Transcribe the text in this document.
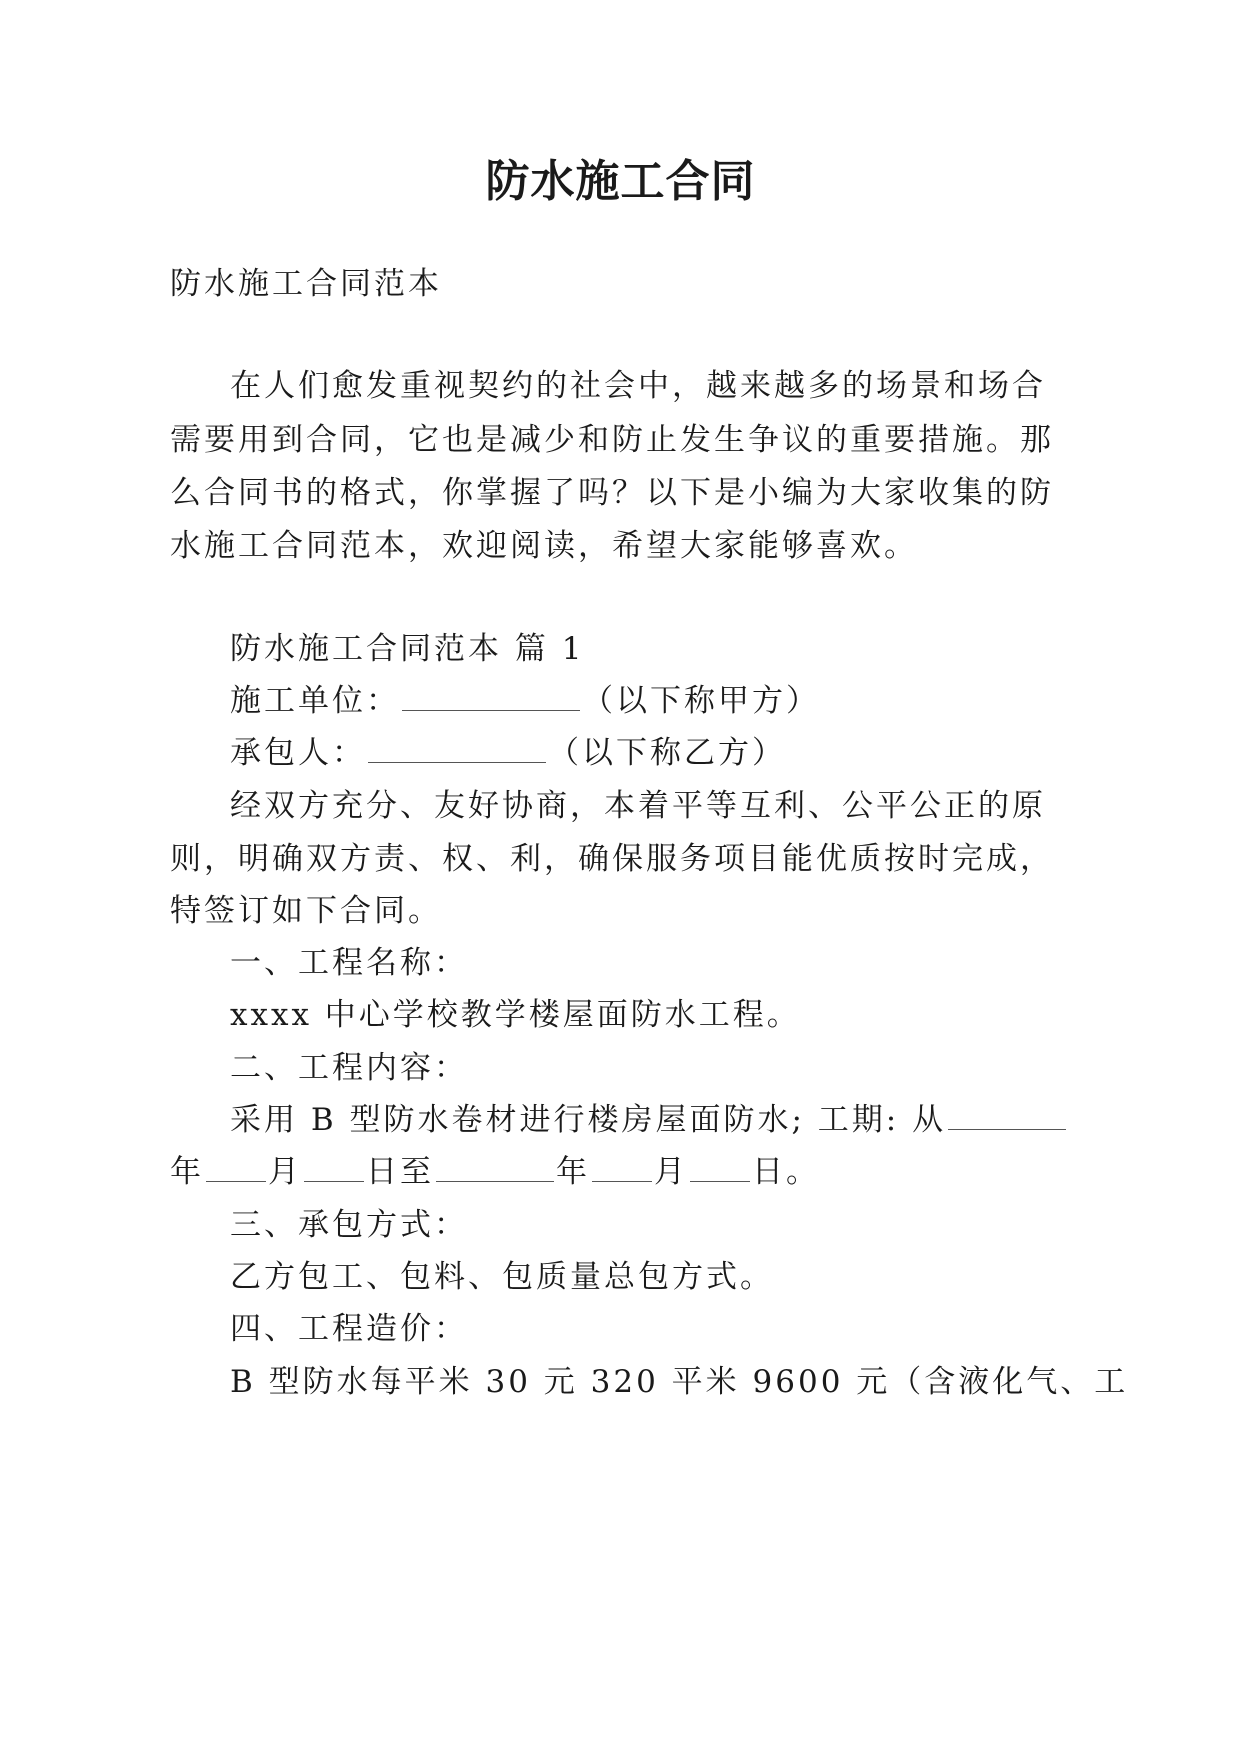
防水施工合同

防水施工合同范本

在人们愈发重视契约的社会中，越来越多的场景和场合

需要用到合同，它也是减少和防止发生争议的重要措施。那

么合同书的格式，你掌握了吗？以下是小编为大家收集的防

水施工合同范本，欢迎阅读，希望大家能够喜欢。

防水施工合同范本 篇 1

施工单位：	（以下称甲方）

承包人：	（以下称乙方）

经双方充分、友好协商，本着平等互利、公平公正的原

则，明确双方责、权、利，确保服务项目能优质按时完成，

特签订如下合同。

一、工程名称：

xxxx 中心学校教学楼屋面防水工程。

二、工程内容：

采用 B 型防水卷材进行楼房屋面防水; 工期: 从

年 月 日至	年 月 日。

三、承包方式：

乙方包工、包料、包质量总包方式。

四、工程造价：

B 型防水每平米 30 元 320 平米 9600 元（含液化气、工
